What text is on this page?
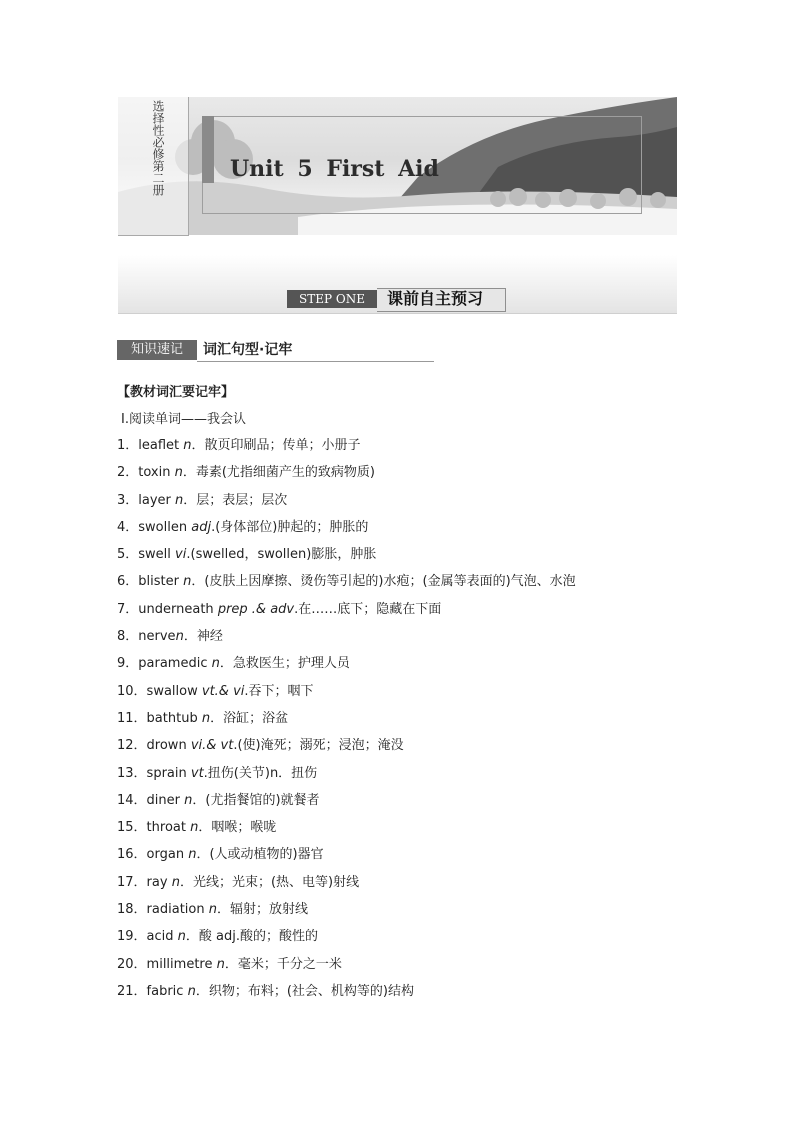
选择性必修第二册	Unit 5 First Aid
STEP ONE	课前自主预习
知识速记	词汇句型·记牢
【教材词汇要记牢】
Ⅰ.阅读单词——我会认
1．leaflet n．散页印刷品；传单；小册子
2．toxin n．毒素(尤指细菌产生的致病物质)
3．layer n．层；表层；层次
4．swollen adj.(身体部位)肿起的；肿胀的
5．swell vi.(swelled，swollen)膨胀，肿胀
6．blister n．(皮肤上因摩擦、烫伤等引起的)水疱；(金属等表面的)气泡、水泡
7．underneath prep .& adv.在……底下；隐藏在下面
8．nerven．神经
9．paramedic n．急救医生；护理人员
10．swallow vt.& vi.吞下；咽下
11．bathtub n．浴缸；浴盆
12．drown vi.& vt.(使)淹死；溺死；浸泡；淹没
13．sprain vt.扭伤(关节)n．扭伤
14．diner n．(尤指餐馆的)就餐者
15．throat n．咽喉；喉咙
16．organ n．(人或动植物的)器官
17．ray n．光线；光束；(热、电等)射线
18．radiation n．辐射；放射线
19．acid n．酸 adj.酸的；酸性的
20．millimetre n．毫米；千分之一米
21．fabric n．织物；布料；(社会、机构等的)结构
